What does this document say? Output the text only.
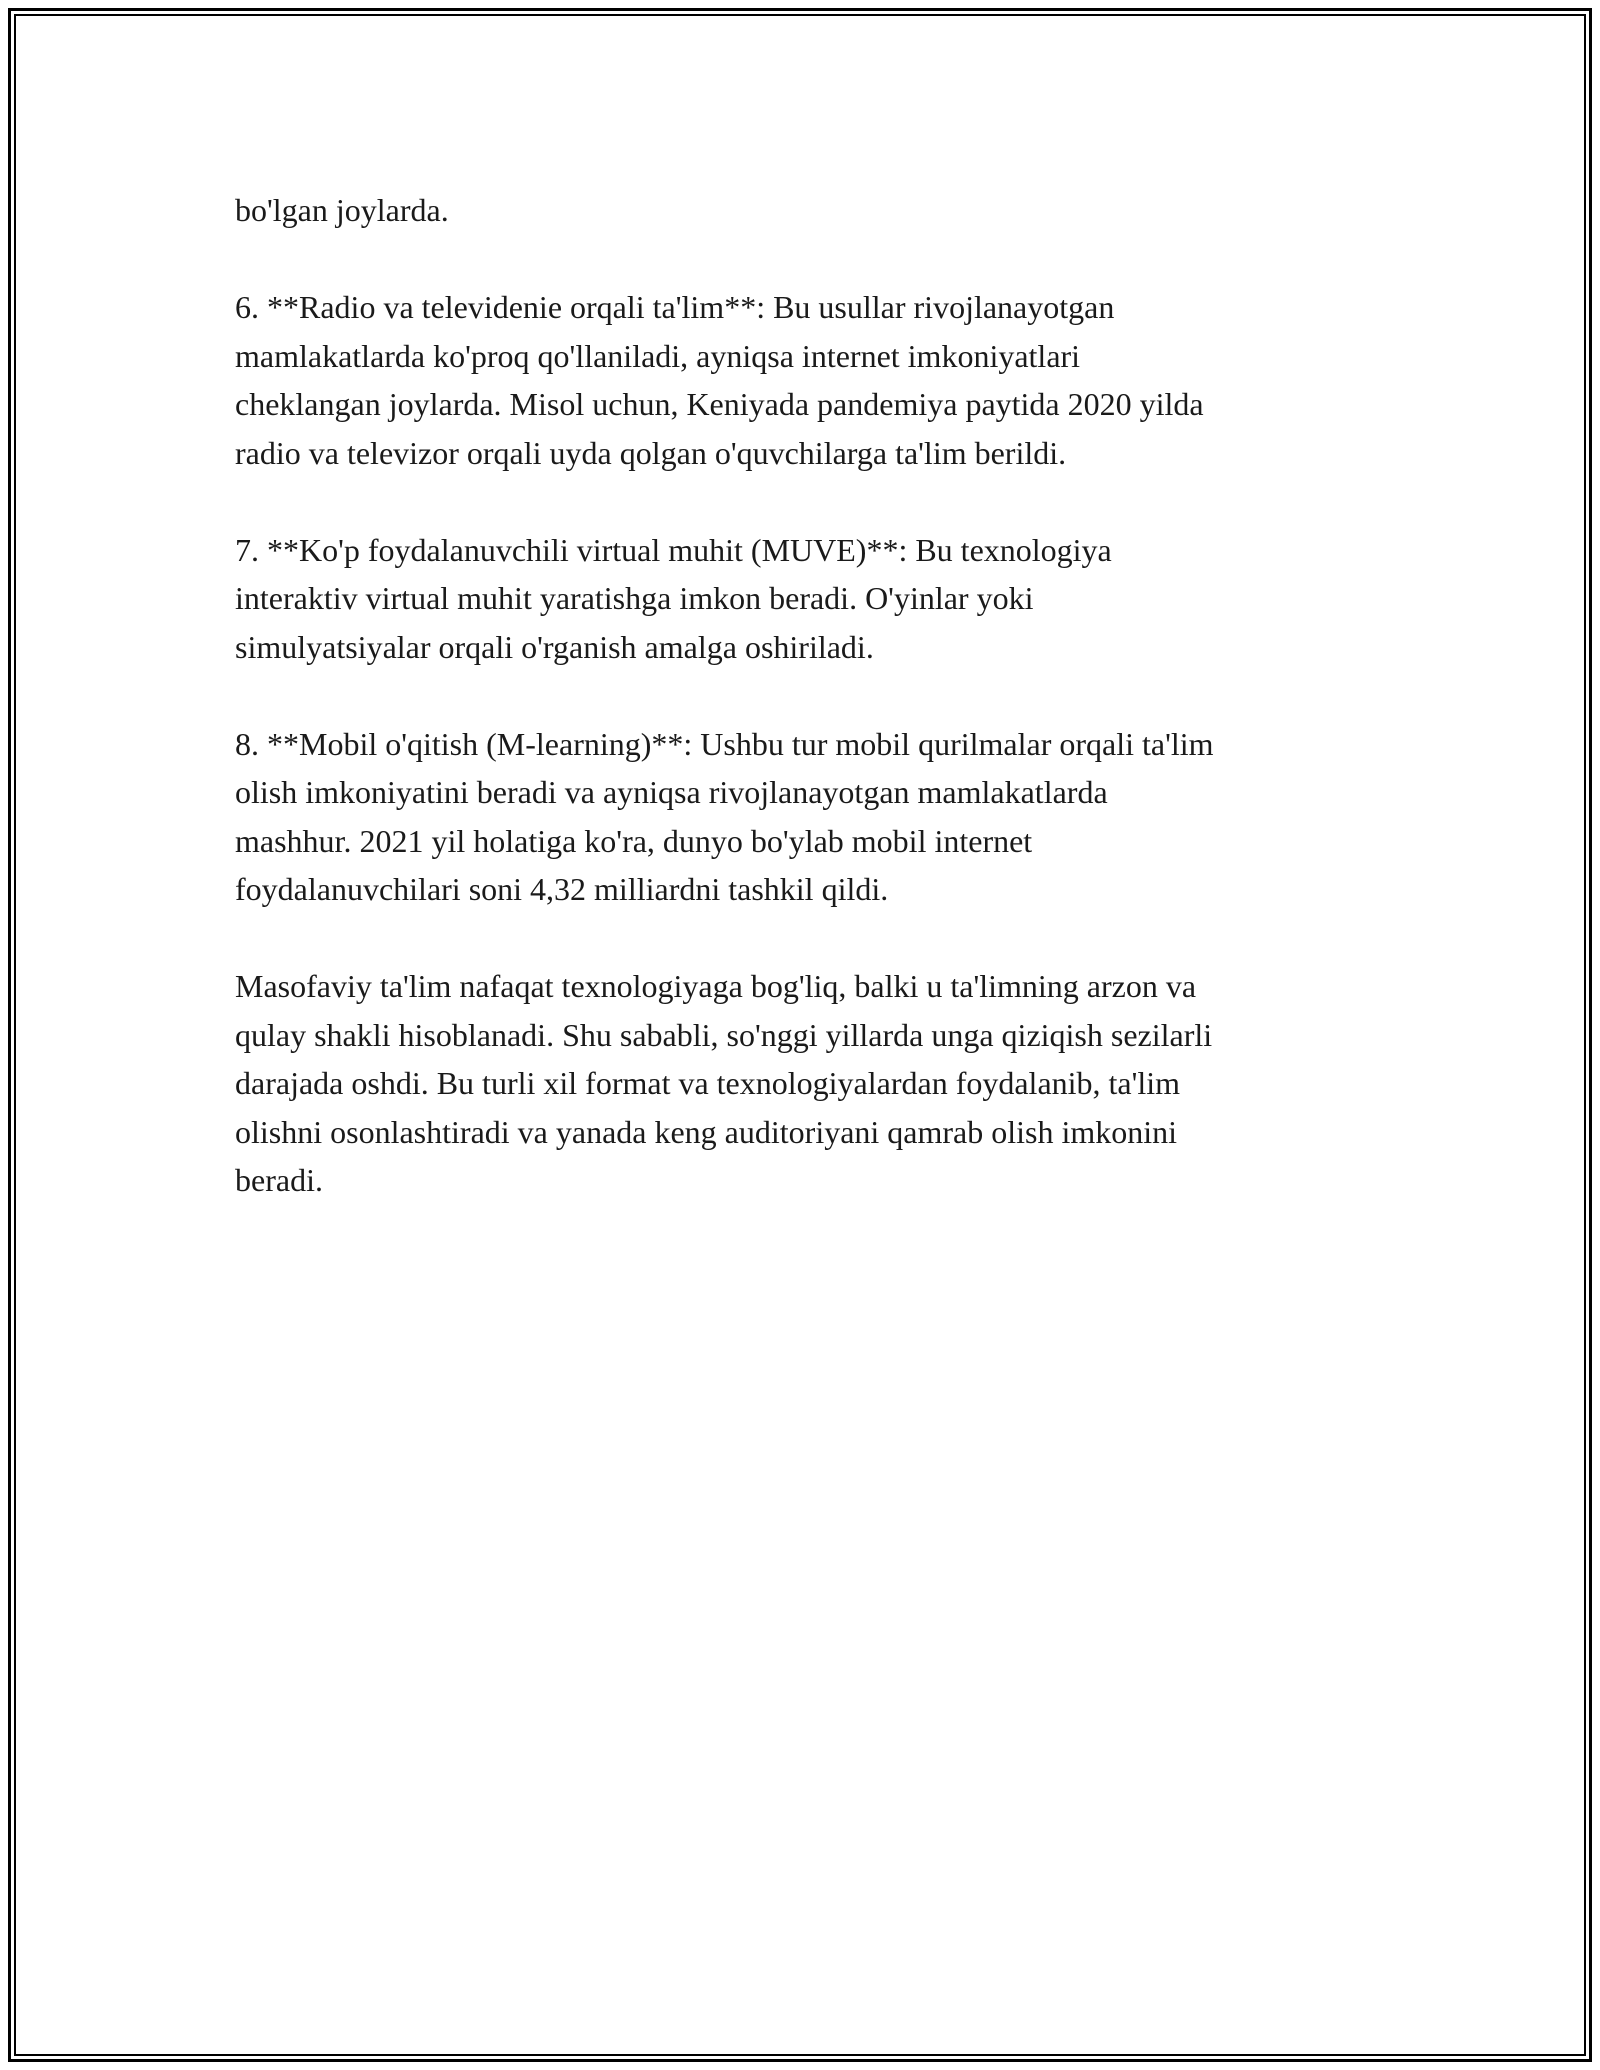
bo'lgan joylarda.

6. **Radio va televidenie orqali ta'lim**: Bu usullar rivojlanayotgan
mamlakatlarda ko'proq qo'llaniladi, ayniqsa internet imkoniyatlari
cheklangan joylarda. Misol uchun, Keniyada pandemiya paytida 2020 yilda
radio va televizor orqali uyda qolgan o'quvchilarga ta'lim berildi.

7. **Ko'p foydalanuvchili virtual muhit (MUVE)**: Bu texnologiya
interaktiv virtual muhit yaratishga imkon beradi. O'yinlar yoki
simulyatsiyalar orqali o'rganish amalga oshiriladi.

8. **Mobil o'qitish (M-learning)**: Ushbu tur mobil qurilmalar orqali ta'lim
olish imkoniyatini beradi va ayniqsa rivojlanayotgan mamlakatlarda
mashhur. 2021 yil holatiga ko'ra, dunyo bo'ylab mobil internet
foydalanuvchilari soni 4,32 milliardni tashkil qildi.

Masofaviy ta'lim nafaqat texnologiyaga bog'liq, balki u ta'limning arzon va
qulay shakli hisoblanadi. Shu sababli, so'nggi yillarda unga qiziqish sezilarli
darajada oshdi. Bu turli xil format va texnologiyalardan foydalanib, ta'lim
olishni osonlashtiradi va yanada keng auditoriyani qamrab olish imkonini
beradi.
